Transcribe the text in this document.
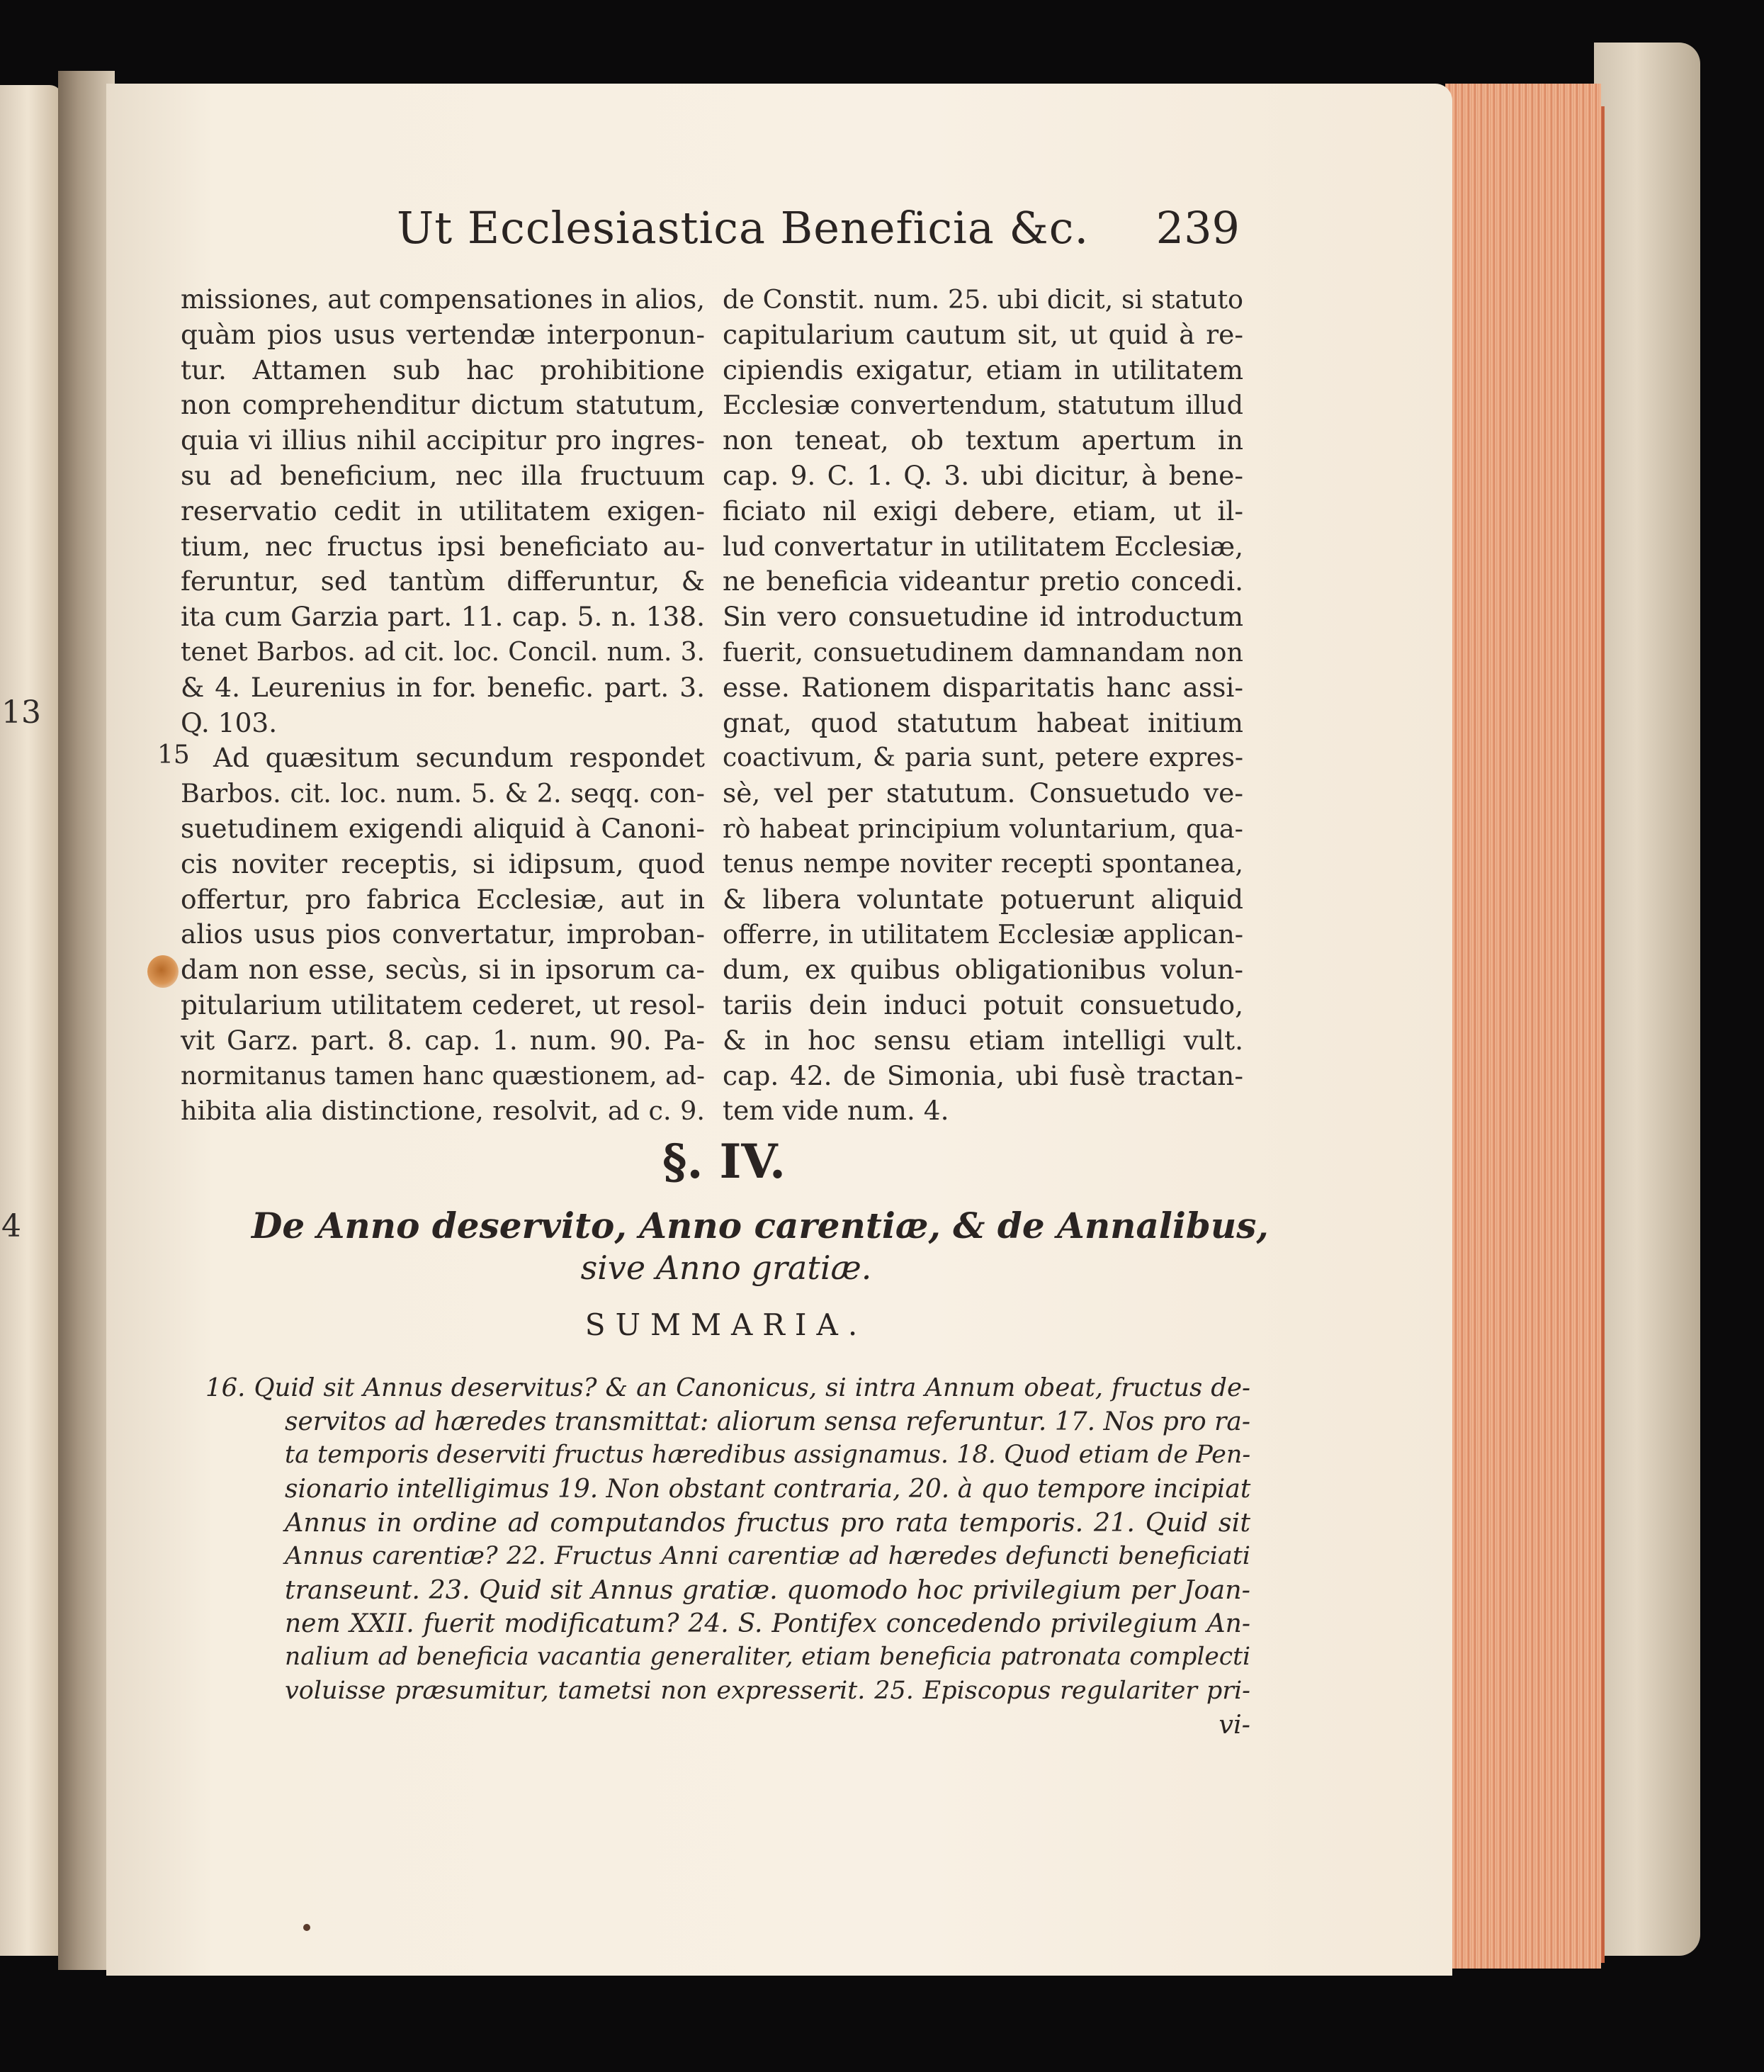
13
4
Ut Ecclesiastica Beneficia &c. 239
missiones, aut compensationes in alios,
quàm pios usus vertendæ interponun-
tur. Attamen sub hac prohibitione
non comprehenditur dictum statutum,
quia vi illius nihil accipitur pro ingres-
su ad beneficium, nec illa fructuum
reservatio cedit in utilitatem exigen-
tium, nec fructus ipsi beneficiato au-
feruntur, sed tantùm differuntur, &
ita cum Garzia part. 11. cap. 5. n. 138.
tenet Barbos. ad cit. loc. Concil. num. 3.
& 4. Leurenius in for. benefic. part. 3.
Q. 103.
Ad quæsitum secundum respondet
Barbos. cit. loc. num. 5. & 2. seqq. con-
suetudinem exigendi aliquid à Canoni-
cis noviter receptis, si idipsum, quod
offertur, pro fabrica Ecclesiæ, aut in
alios usus pios convertatur, improban-
dam non esse, secùs, si in ipsorum ca-
pitularium utilitatem cederet, ut resol-
vit Garz. part. 8. cap. 1. num. 90. Pa-
normitanus tamen hanc quæstionem, ad-
hibita alia distinctione, resolvit, ad c. 9.
15
de Constit. num. 25. ubi dicit, si statuto
capitularium cautum sit, ut quid à re-
cipiendis exigatur, etiam in utilitatem
Ecclesiæ convertendum, statutum illud
non teneat, ob textum apertum in
cap. 9. C. 1. Q. 3. ubi dicitur, à bene-
ficiato nil exigi debere, etiam, ut il-
lud convertatur in utilitatem Ecclesiæ,
ne beneficia videantur pretio concedi.
Sin vero consuetudine id introductum
fuerit, consuetudinem damnandam non
esse. Rationem disparitatis hanc assi-
gnat, quod statutum habeat initium
coactivum, & paria sunt, petere expres-
sè, vel per statutum. Consuetudo ve-
rò habeat principium voluntarium, qua-
tenus nempe noviter recepti spontanea,
& libera voluntate potuerunt aliquid
offerre, in utilitatem Ecclesiæ applican-
dum, ex quibus obligationibus volun-
tariis dein induci potuit consuetudo,
& in hoc sensu etiam intelligi vult.
cap. 42. de Simonia, ubi fusè tractan-
tem vide num. 4.
§. IV.
De Anno deservito, Anno carentiæ, & de Annalibus,
sive Anno gratiæ.
SUMMARIA.
16. Quid sit Annus deservitus? & an Canonicus, si intra Annum obeat, fructus de-
servitos ad hæredes transmittat: aliorum sensa referuntur. 17. Nos pro ra-
ta temporis deserviti fructus hæredibus assignamus. 18. Quod etiam de Pen-
sionario intelligimus 19. Non obstant contraria, 20. à quo tempore incipiat
Annus in ordine ad computandos fructus pro rata temporis. 21. Quid sit
Annus carentiæ? 22. Fructus Anni carentiæ ad hæredes defuncti beneficiati
transeunt. 23. Quid sit Annus gratiæ. quomodo hoc privilegium per Joan-
nem XXII. fuerit modificatum? 24. S. Pontifex concedendo privilegium An-
nalium ad beneficia vacantia generaliter, etiam beneficia patronata complecti
voluisse præsumitur, tametsi non expresserit. 25. Episcopus regulariter pri-
vi-
